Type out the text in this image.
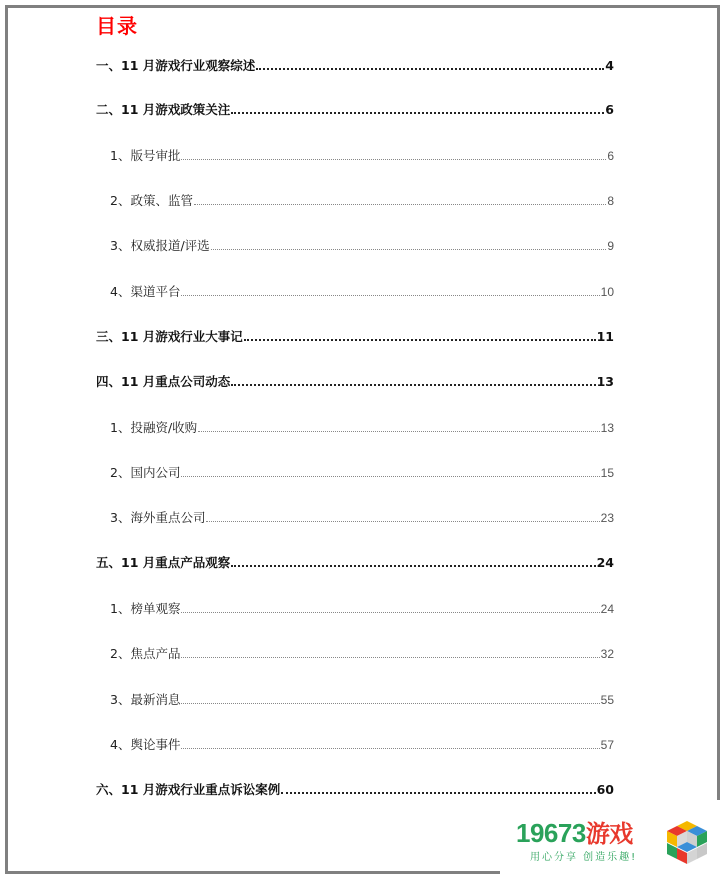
目录
一、11 月游戏行业观察综述	4
二、11 月游戏政策关注	6
1、版号审批	6
2、政策、监管	8
3、权威报道/评选	9
4、渠道平台	10
三、11 月游戏行业大事记	11
四、11 月重点公司动态	13
1、投融资/收购	13
2、国内公司	15
3、海外重点公司	23
五、11 月重点产品观察	24
1、榜单观察	24
2、焦点产品	32
3、最新消息	55
4、舆论事件	57
六、11 月游戏行业重点诉讼案例	60
19673游戏
用心分享 创造乐趣!
